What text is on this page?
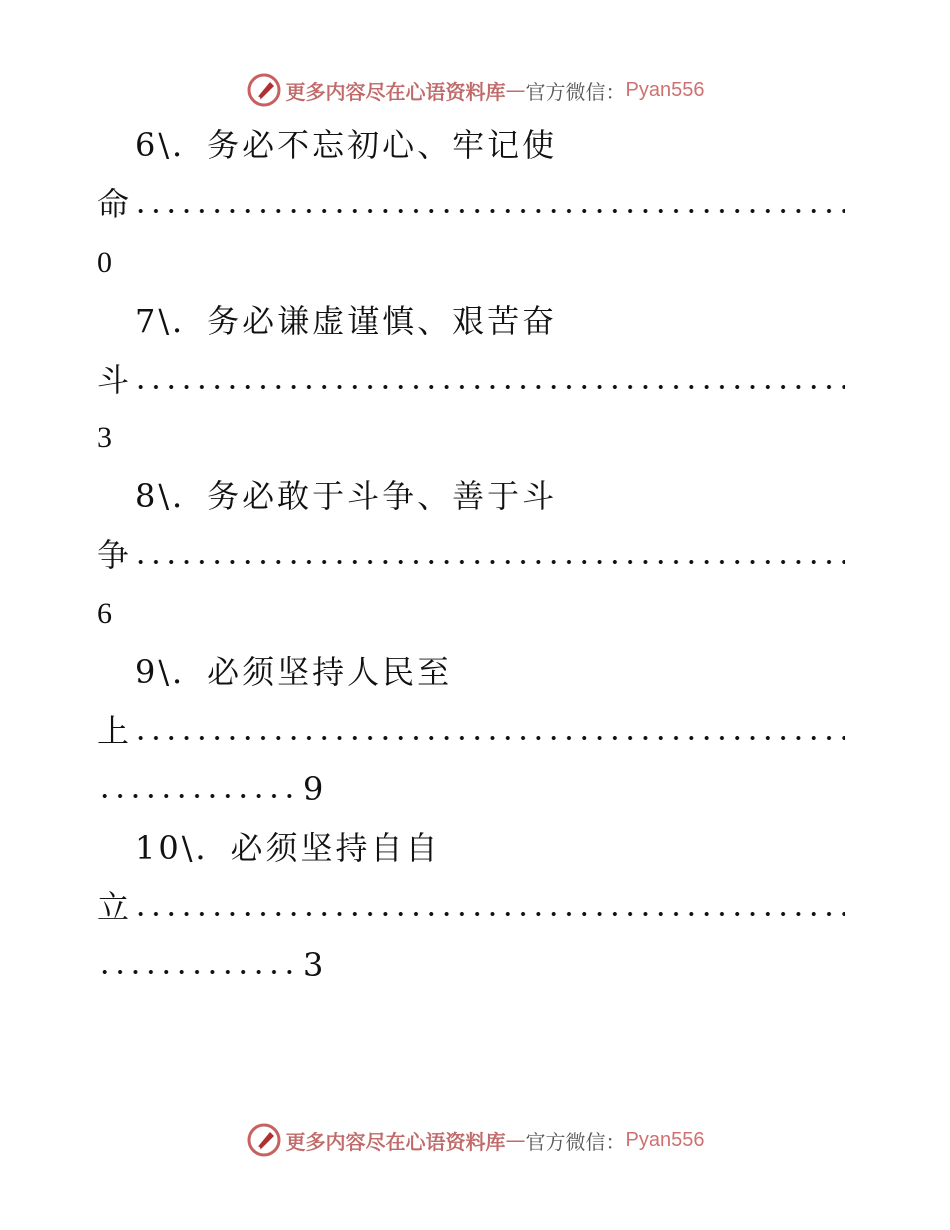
更多内容尽在心语资料库 — 官方微信： Pyan556
6\．务必不忘初心、牢记使
命
0
7\．务必谦虚谨慎、艰苦奋
斗
3
8\．务必敢于斗争、善于斗
争
6
9\．必须坚持人民至
上
9
10\．必须坚持自自
立
3
更多内容尽在心语资料库 — 官方微信： Pyan556
